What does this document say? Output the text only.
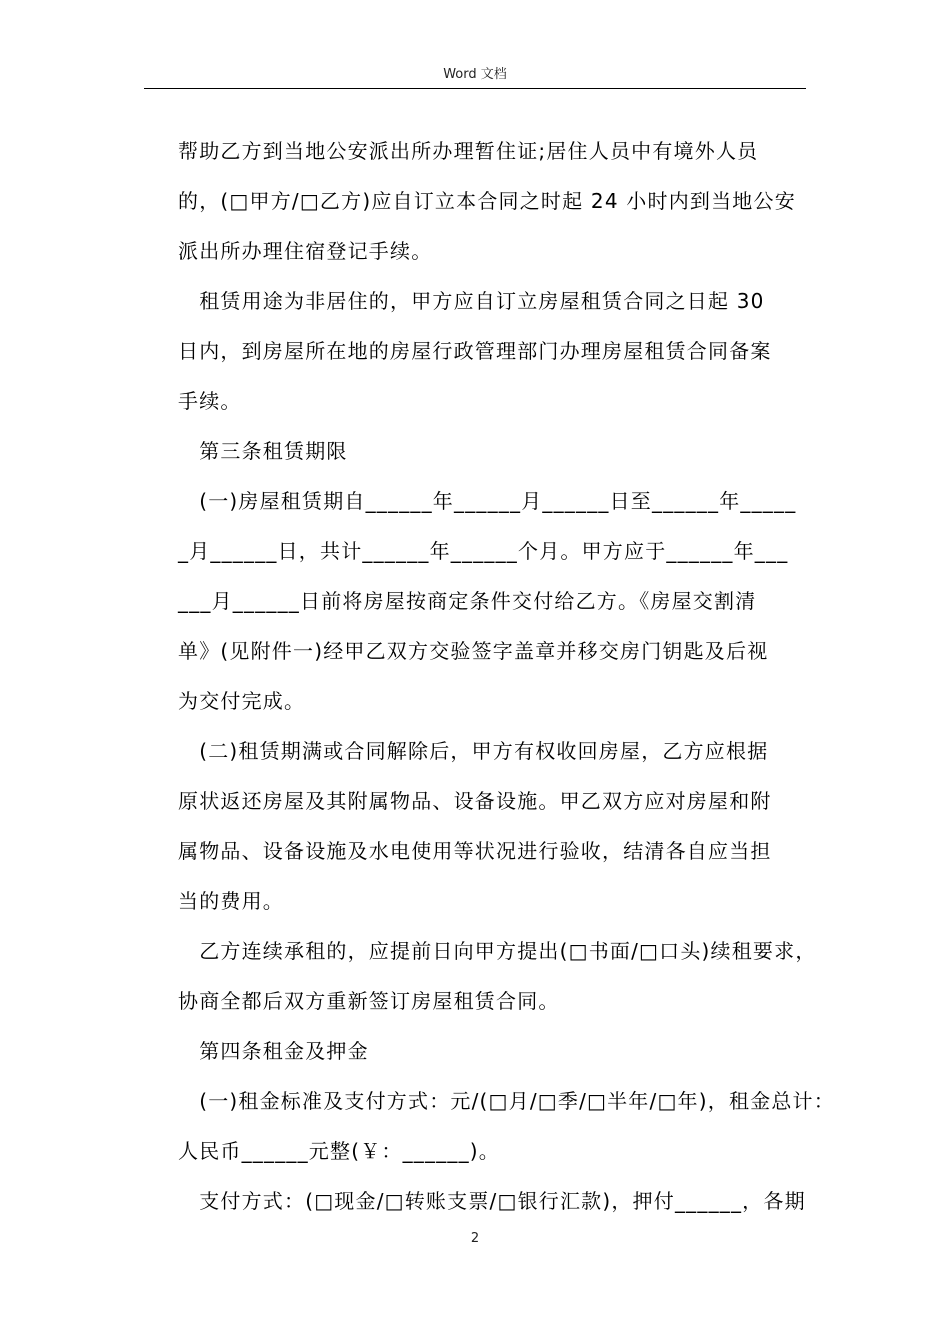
Word 文档

帮助乙方到当地公安派出所办理暂住证;居住人员中有境外人员

的，(□甲方/□乙方)应自订立本合同之时起 24 小时内到当地公安

派出所办理住宿登记手续。

　租赁用途为非居住的，甲方应自订立房屋租赁合同之日起 30

日内，到房屋所在地的房屋行政管理部门办理房屋租赁合同备案

手续。

　第三条租赁期限

　(一)房屋租赁期自______年______月______日至______年_____

_月______日，共计______年______个月。甲方应于______年___

___月______日前将房屋按商定条件交付给乙方。《房屋交割清

单》(见附件一)经甲乙双方交验签字盖章并移交房门钥匙及后视

为交付完成。

　(二)租赁期满或合同解除后，甲方有权收回房屋，乙方应根据

原状返还房屋及其附属物品、设备设施。甲乙双方应对房屋和附

属物品、设备设施及水电使用等状况进行验收，结清各自应当担

当的费用。

　乙方连续承租的，应提前日向甲方提出(□书面/□口头)续租要求，

协商全都后双方重新签订房屋租赁合同。

　第四条租金及押金

　(一)租金标准及支付方式：元/(□月/□季/□半年/□年)，租金总计：

人民币______元整(￥：______)。

　支付方式：(□现金/□转账支票/□银行汇款)，押付______，各期

2
